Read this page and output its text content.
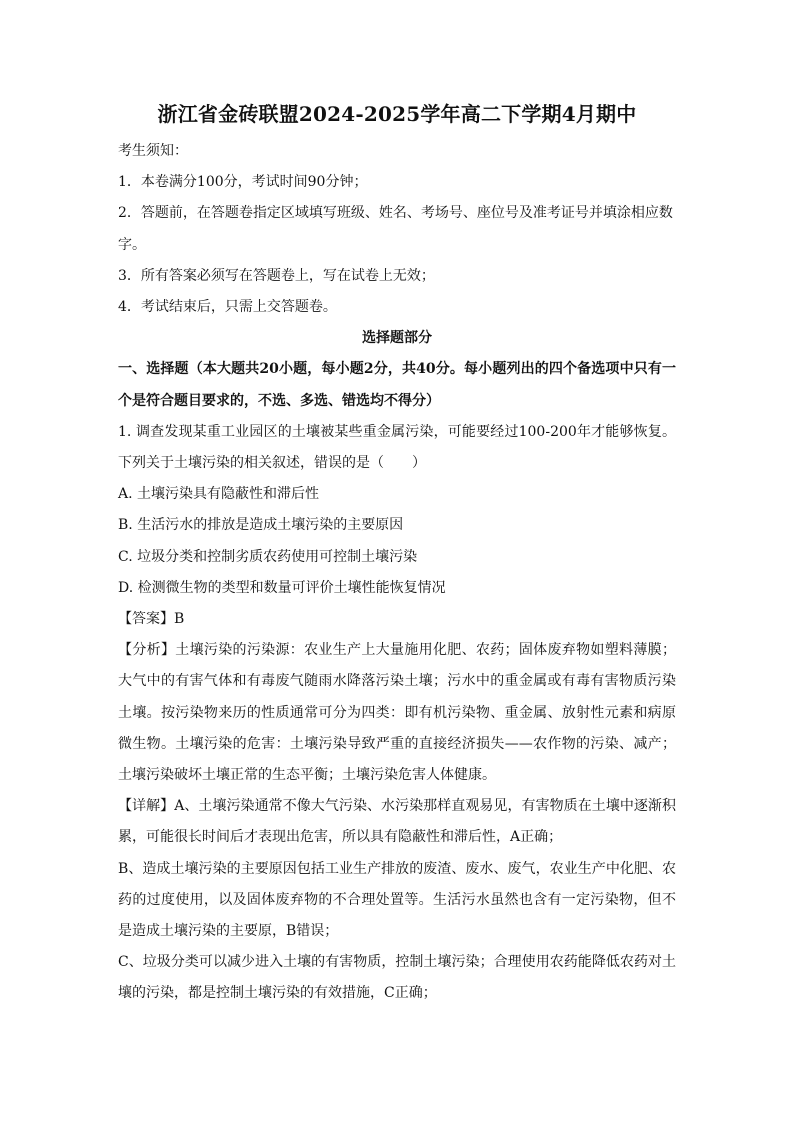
浙江省金砖联盟2024-2025学年高二下学期4月期中

考生须知：

1．本卷满分100分，考试时间90分钟；

2．答题前，在答题卷指定区域填写班级、姓名、考场号、座位号及准考证号并填涂相应数字。

3．所有答案必须写在答题卷上，写在试卷上无效；

4．考试结束后，只需上交答题卷。

选择题部分

一、选择题（本大题共20小题，每小题2分，共40分。每小题列出的四个备选项中只有一个是符合题目要求的，不选、多选、错选均不得分）

1. 调查发现某重工业园区的土壤被某些重金属污染，可能要经过100-200年才能够恢复。下列关于土壤污染的相关叙述，错误的是（　　）

A. 土壤污染具有隐蔽性和滞后性

B. 生活污水的排放是造成土壤污染的主要原因

C. 垃圾分类和控制劣质农药使用可控制土壤污染

D. 检测微生物的类型和数量可评价土壤性能恢复情况

【答案】B

【分析】土壤污染的污染源：农业生产上大量施用化肥、农药；固体废弃物如塑料薄膜；大气中的有害气体和有毒废气随雨水降落污染土壤；污水中的重金属或有毒有害物质污染土壤。按污染物来历的性质通常可分为四类：即有机污染物、重金属、放射性元素和病原微生物。土壤污染的危害：土壤污染导致严重的直接经济损失——农作物的污染、减产；土壤污染破坏土壤正常的生态平衡；土壤污染危害人体健康。

【详解】A、土壤污染通常不像大气污染、水污染那样直观易见，有害物质在土壤中逐渐积累，可能很长时间后才表现出危害，所以具有隐蔽性和滞后性，A正确；

B、造成土壤污染的主要原因包括工业生产排放的废渣、废水、废气，农业生产中化肥、农药的过度使用，以及固体废弃物的不合理处置等。生活污水虽然也含有一定污染物，但不是造成土壤污染的主要原，B错误；

C、垃圾分类可以减少进入土壤的有害物质，控制土壤污染；合理使用农药能降低农药对土壤的污染，都是控制土壤污染的有效措施，C正确；
